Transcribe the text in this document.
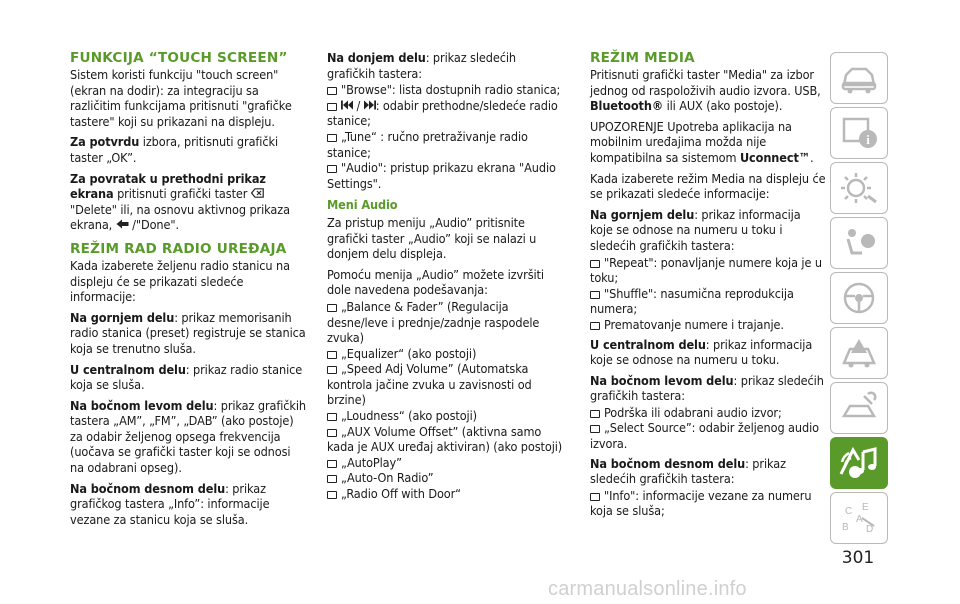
FUNKCIJA “TOUCH SCREEN”

Sistem koristi funkciju "touch screen" (ekran na dodir): za integraciju sa različitim funkcijama pritisnuti "grafičke tastere" koji su prikazani na displeju.

Za potvrdu izbora, pritisnuti grafički taster „OK”.

Za povratak u prethodni prikaz ekrana pritisnuti grafički taster  "Delete" ili, na osnovu aktivnog prikaza ekrana,  /"Done".

REŽIM RAD RADIO UREĐAJA

Kada izaberete željenu radio stanicu na displeju će se prikazati sledeće informacije:

Na gornjem delu: prikaz memorisanih radio stanica (preset) registruje se stanica koja se trenutno sluša.

U centralnom delu: prikaz radio stanice koja se sluša.

Na bočnom levom delu: prikaz grafičkih tastera „AM”, „FM”, „DAB” (ako postoje) za odabir željenog opsega frekvencija (uočava se grafički taster koji se odnosi na odabrani opseg).

Na bočnom desnom delu: prikaz grafičkog tastera „Info”: informacije vezane za stanicu koja se sluša.

Na donjem delu: prikaz sledećih grafičkih tastera:

"Browse": lista dostupnih radio stanica;
/ : odabir prethodne/sledeće radio stanice;
„Tune“ : ručno pretraživanje radio stanice;
"Audio": pristup prikazu ekrana "Audio Settings".
Meni Audio

Za pristup meniju „Audio” pritisnite grafički taster „Audio” koji se nalazi u donjem delu displeja.

Pomoću menija „Audio” možete izvršiti dole navedena podešavanja:

„Balance & Fader” (Regulacija desne/leve i prednje/zadnje raspodele zvuka)
„Equalizer“ (ako postoji)
„Speed Adj Volume” (Automatska kontrola jačine zvuka u zavisnosti od brzine)
„Loudness“ (ako postoji)
„AUX Volume Offset” (aktivna samo kada je AUX uređaj aktiviran) (ako postoji)
„AutoPlay”
„Auto-On Radio”
„Radio Off with Door“
REŽIM MEDIA

Pritisnuti grafički taster "Media" za izbor jednog od raspoloživih audio izvora. USB, Bluetooth® ili AUX (ako postoje).

UPOZORENJE Upotreba aplikacija na mobilnim uređajima možda nije kompatibilna sa sistemom Uconnect™.

Kada izaberete režim Media na displeju će se prikazati sledeće informacije:

Na gornjem delu: prikaz informacija koje se odnose na numeru u toku i sledećih grafičkih tastera:

"Repeat": ponavljanje numere koja je u toku;
"Shuffle": nasumična reprodukcija numera;
Prematovanje numere i trajanje.

U centralnom delu: prikaz informacija koje se odnose na numeru u toku.

Na bočnom levom delu: prikaz sledećih grafičkih tastera:

Podrška ili odabrani audio izvor;
„Select Source”: odabir željenog audio izvora.

Na bočnom desnom delu: prikaz sledećih grafičkih tastera:

"Info": informacije vezane za numeru koja se sluša;
i
C E
B
A
D
301
carmanualsonline.info
